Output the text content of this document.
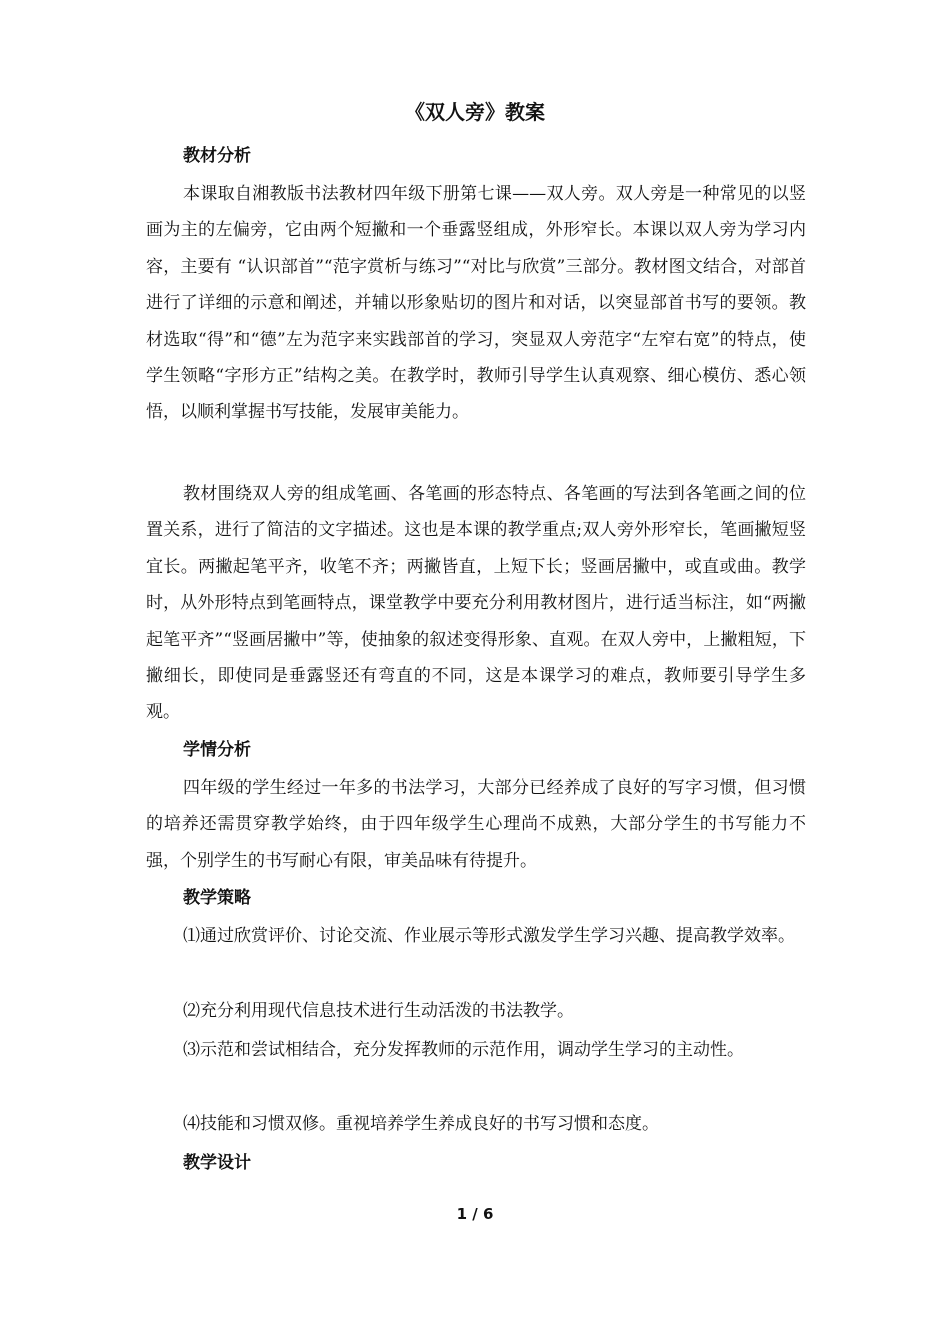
《双人旁》教案
教材分析

本课取自湘教版书法教材四年级下册第七课——双人旁。双人旁是一种常见的以竖画为主的左偏旁，它由两个短撇和一个垂露竖组成，外形窄长。本课以双人旁为学习内容，主要有 “认识部首”“范字赏析与练习”“对比与欣赏”三部分。教材图文结合，对部首进行了详细的示意和阐述，并辅以形象贴切的图片和对话，以突显部首书写的要领。教材选取“得”和“德”左为范字来实践部首的学习，突显双人旁范字“左窄右宽”的特点，使学生领略“字形方正”结构之美。在教学时，教师引导学生认真观察、细心模仿、悉心领悟，以顺利掌握书写技能，发展审美能力。

教材围绕双人旁的组成笔画、各笔画的形态特点、各笔画的写法到各笔画之间的位置关系，进行了简洁的文字描述。这也是本课的教学重点;双人旁外形窄长，笔画撇短竖宜长。两撇起笔平齐，收笔不齐；两撇皆直，上短下长；竖画居撇中，或直或曲。教学时，从外形特点到笔画特点，课堂教学中要充分利用教材图片，进行适当标注，如“两撇起笔平齐”“竖画居撇中”等，使抽象的叙述变得形象、直观。在双人旁中，上撇粗短，下撇细长，即使同是垂露竖还有弯直的不同，这是本课学习的难点，教师要引导学生多观。

学情分析

四年级的学生经过一年多的书法学习，大部分已经养成了良好的写字习惯，但习惯的培养还需贯穿教学始终，由于四年级学生心理尚不成熟，大部分学生的书写能力不强，个别学生的书写耐心有限，审美品味有待提升。

教学策略

⑴通过欣赏评价、讨论交流、作业展示等形式激发学生学习兴趣、提高教学效率。

⑵充分利用现代信息技术进行生动活泼的书法教学。

⑶示范和尝试相结合，充分发挥教师的示范作用，调动学生学习的主动性。

⑷技能和习惯双修。重视培养学生养成良好的书写习惯和态度。

教学设计
1 / 6
